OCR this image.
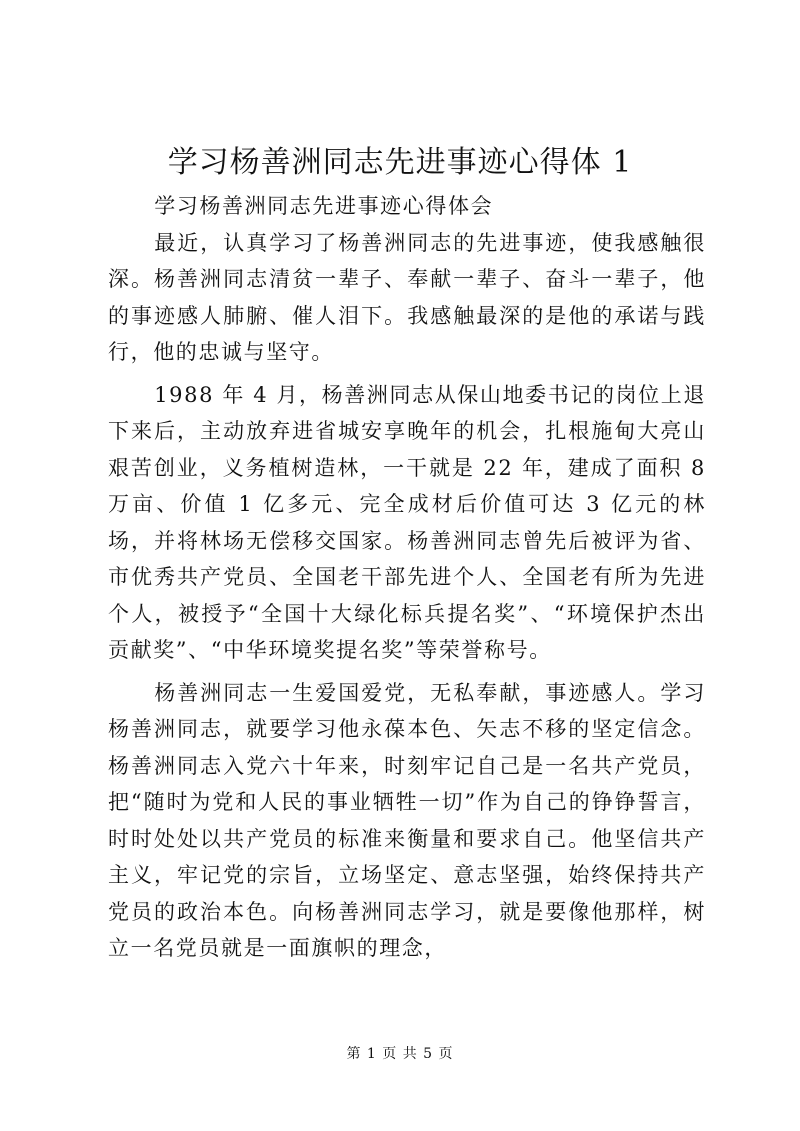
学习杨善洲同志先进事迹心得体 1

学习杨善洲同志先进事迹心得体会

最近，认真学习了杨善洲同志的先进事迹，使我感触很深。杨善洲同志清贫一辈子、奉献一辈子、奋斗一辈子，他的事迹感人肺腑、催人泪下。我感触最深的是他的承诺与践行，他的忠诚与坚守。

1988 年 4 月，杨善洲同志从保山地委书记的岗位上退下来后，主动放弃进省城安享晚年的机会，扎根施甸大亮山艰苦创业，义务植树造林，一干就是 22 年，建成了面积 8 万亩、价值 1 亿多元、完全成材后价值可达 3 亿元的林场，并将林场无偿移交国家。杨善洲同志曾先后被评为省、市优秀共产党员、全国老干部先进个人、全国老有所为先进个人，被授予“全国十大绿化标兵提名奖”、“环境保护杰出贡献奖”、“中华环境奖提名奖”等荣誉称号。

杨善洲同志一生爱国爱党，无私奉献，事迹感人。学习杨善洲同志，就要学习他永葆本色、矢志不移的坚定信念。杨善洲同志入党六十年来，时刻牢记自己是一名共产党员，把“随时为党和人民的事业牺牲一切”作为自己的铮铮誓言，时时处处以共产党员的标准来衡量和要求自己。他坚信共产主义，牢记党的宗旨，立场坚定、意志坚强，始终保持共产党员的政治本色。向杨善洲同志学习，就是要像他那样，树立一名党员就是一面旗帜的理念，

第 1 页 共 5 页
